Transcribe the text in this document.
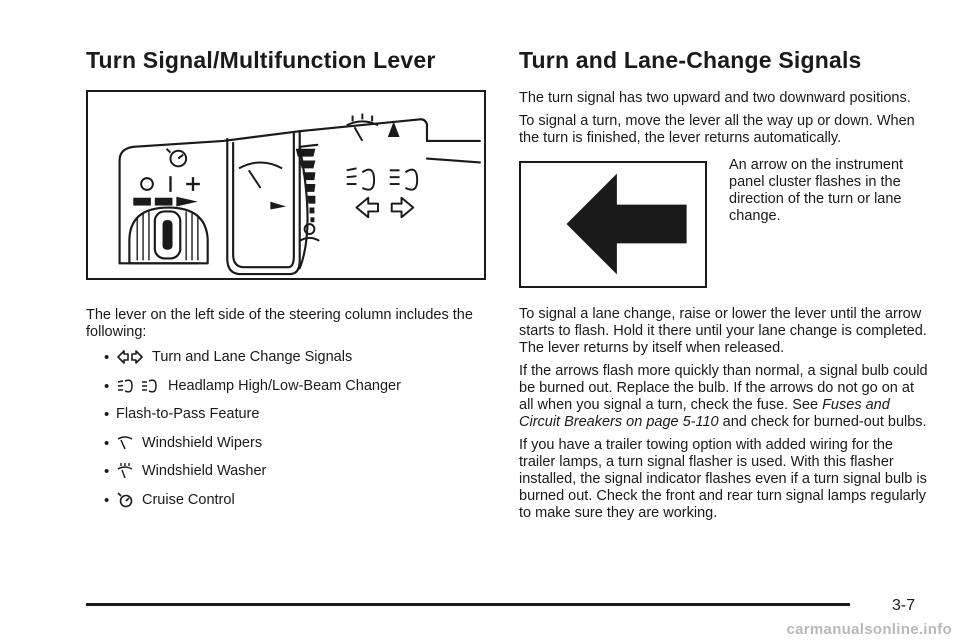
Turn Signal/Multifunction Lever

The lever on the left side of the steering column includes the following:

•	Turn and Lane Change Signals
•	Headlamp High/Low-Beam Changer
• Flash-to-Pass Feature
•	Windshield Wipers
•	Windshield Washer
•	Cruise Control
Turn and Lane-Change Signals

The turn signal has two upward and two downward positions.

To signal a turn, move the lever all the way up or down. When the turn is finished, the lever returns automatically.

An arrow on the instrument panel cluster flashes in the direction of the turn or lane change.

To signal a lane change, raise or lower the lever until the arrow starts to flash. Hold it there until your lane change is completed. The lever returns by itself when released.

If the arrows flash more quickly than normal, a signal bulb could be burned out. Replace the bulb. If the arrows do not go on at all when you signal a turn, check the fuse. See Fuses and Circuit Breakers on page 5-110 and check for burned-out bulbs.

If you have a trailer towing option with added wiring for the trailer lamps, a turn signal flasher is used. With this flasher installed, the signal indicator flashes even if a turn signal bulb is burned out. Check the front and rear turn signal lamps regularly to make sure they are working.

3-7
carmanualsonline.info
